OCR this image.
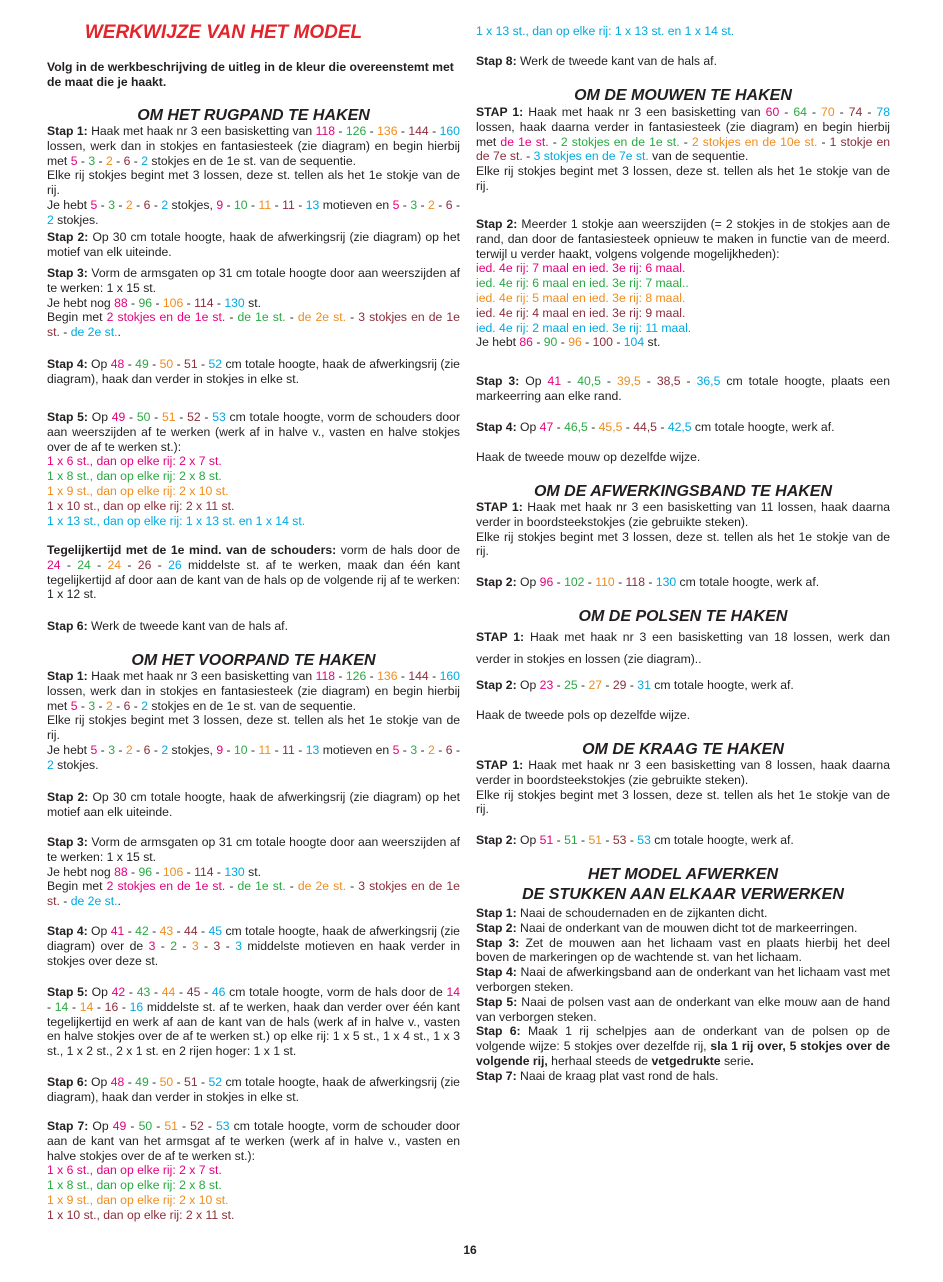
WERKWIJZE VAN HET MODEL

Volg in de werkbeschrijving de uitleg in de kleur die overeenstemt met de maat die je haakt.

OM HET RUGPAND TE HAKEN

Stap 1: Haak met haak nr 3 een basisketting van 118 - 126 - 136 - 144 - 160 lossen, werk dan in stokjes en fantasiesteek (zie diagram) en begin hierbij met 5 - 3 - 2 - 6 - 2 stokjes en de 1e st. van de sequentie.

Elke rij stokjes begint met 3 lossen, deze st. tellen als het 1e stokje van de rij.

Je hebt 5 - 3 - 2 - 6 - 2 stokjes, 9 - 10 - 11 - 11 - 13 motieven en 5 - 3 - 2 - 6 - 2 stokjes.

Stap 2: Op 30 cm totale hoogte, haak de afwerkingsrij (zie diagram) op het motief van elk uiteinde.

Stap 3: Vorm de armsgaten op 31 cm totale hoogte door aan weerszijden af te werken: 1 x 15 st.

Je hebt nog 88 - 96 - 106 - 114 - 130 st.

Begin met 2 stokjes en de 1e st. - de 1e st. - de 2e st. - 3 stokjes en de 1e st. - de 2e st..

Stap 4: Op 48 - 49 - 50 - 51 - 52 cm totale hoogte, haak de afwerkingsrij (zie diagram), haak dan verder in stokjes in elke st.

Stap 5: Op 49 - 50 - 51 - 52 - 53 cm totale hoogte, vorm de schouders door aan weerszijden af te werken (werk af in halve v., vasten en halve stokjes over de af te werken st.):

1 x 6 st., dan op elke rij: 2 x 7 st.

1 x 8 st., dan op elke rij: 2 x 8 st.

1 x 9 st., dan op elke rij: 2 x 10 st.

1 x 10 st., dan op elke rij: 2 x 11 st.

1 x 13 st., dan op elke rij: 1 x 13 st. en 1 x 14 st.

Tegelijkertijd met de 1e mind. van de schouders: vorm de hals door de 24 - 24 - 24 - 26 - 26 middelste st. af te werken, maak dan één kant tegelijkertijd af door aan de kant van de hals op de volgende rij af te werken: 1 x 12 st.

Stap 6: Werk de tweede kant van de hals af.

OM HET VOORPAND TE HAKEN

Stap 1: Haak met haak nr 3 een basisketting van 118 - 126 - 136 - 144 - 160 lossen, werk dan in stokjes en fantasiesteek (zie diagram) en begin hierbij met 5 - 3 - 2 - 6 - 2 stokjes en de 1e st. van de sequentie.

Elke rij stokjes begint met 3 lossen, deze st. tellen als het 1e stokje van de rij.

Je hebt 5 - 3 - 2 - 6 - 2 stokjes, 9 - 10 - 11 - 11 - 13 motieven en 5 - 3 - 2 - 6 - 2 stokjes.

Stap 2: Op 30 cm totale hoogte, haak de afwerkingsrij (zie diagram) op het motief aan elk uiteinde.

Stap 3: Vorm de armsgaten op 31 cm totale hoogte door aan weerszijden af te werken: 1 x 15 st.

Je hebt nog 88 - 96 - 106 - 114 - 130 st.

Begin met 2 stokjes en de 1e st. - de 1e st. - de 2e st. - 3 stokjes en de 1e st. - de 2e st..

Stap 4: Op 41 - 42 - 43 - 44 - 45 cm totale hoogte, haak de afwerkingsrij (zie diagram) over de 3 - 2 - 3 - 3 - 3 middelste motieven en haak verder in stokjes over deze st.

Stap 5: Op 42 - 43 - 44 - 45 - 46 cm totale hoogte, vorm de hals door de 14 - 14 - 14 - 16 - 16 middelste st. af te werken, haak dan verder over één kant tegelijkertijd en werk af aan de kant van de hals (werk af in halve v., vasten en halve stokjes over de af te werken st.) op elke rij: 1 x 5 st., 1 x 4 st., 1 x 3 st., 1 x 2 st., 2 x 1 st. en 2 rijen hoger: 1 x 1 st.

Stap 6: Op 48 - 49 - 50 - 51 - 52 cm totale hoogte, haak de afwerkingsrij (zie diagram), haak dan verder in stokjes in elke st.

Stap 7: Op 49 - 50 - 51 - 52 - 53 cm totale hoogte, vorm de schouder door aan de kant van het armsgat af te werken (werk af in halve v., vasten en halve stokjes over de af te werken st.):

1 x 6 st., dan op elke rij: 2 x 7 st.

1 x 8 st., dan op elke rij: 2 x 8 st.

1 x 9 st., dan op elke rij: 2 x 10 st.

1 x 10 st., dan op elke rij: 2 x 11 st.

1 x 13 st., dan op elke rij: 1 x 13 st. en 1 x 14 st.

Stap 8: Werk de tweede kant van de hals af.

OM DE MOUWEN TE HAKEN

STAP 1: Haak met haak nr 3 een basisketting van 60 - 64 - 70 - 74 - 78 lossen, haak daarna verder in fantasiesteek (zie diagram) en begin hierbij met de 1e st. - 2 stokjes en de 1e st. - 2 stokjes en de 10e st. - 1 stokje en de 7e st. - 3 stokjes en de 7e st. van de sequentie.

Elke rij stokjes begint met 3 lossen, deze st. tellen als het 1e stokje van de rij.

Stap 2: Meerder 1 stokje aan weerszijden (= 2 stokjes in de stokjes aan de rand, dan door de fantasiesteek opnieuw te maken in functie van de meerd. terwijl u verder haakt, volgens volgende mogelijkheden):

ied. 4e rij: 7 maal en ied. 3e rij: 6 maal.

ied. 4e rij: 6 maal en ied. 3e rij: 7 maal..

ied. 4e rij: 5 maal en ied. 3e rij: 8 maal.

ied. 4e rij: 4 maal en ied. 3e rij: 9 maal.

ied. 4e rij: 2 maal en ied. 3e rij: 11 maal.

Je hebt 86 - 90 - 96 - 100 - 104 st.

Stap 3: Op 41 - 40,5 - 39,5 - 38,5 - 36,5 cm totale hoogte, plaats een markeerring aan elke rand.

Stap 4: Op 47 - 46,5 - 45,5 - 44,5 - 42,5 cm totale hoogte, werk af.

Haak de tweede mouw op dezelfde wijze.

OM DE AFWERKINGSBAND TE HAKEN

STAP 1: Haak met haak nr 3 een basisketting van 11 lossen, haak daarna verder in boordsteekstokjes (zie gebruikte steken).

Elke rij stokjes begint met 3 lossen, deze st. tellen als het 1e stokje van de rij.

Stap 2: Op 96 - 102 - 110 - 118 - 130 cm totale hoogte, werk af.

OM DE POLSEN TE HAKEN

STAP 1: Haak met haak nr 3 een basisketting van 18 lossen, werk dan verder in stokjes en lossen (zie diagram)..

Stap 2: Op 23 - 25 - 27 - 29 - 31 cm totale hoogte, werk af.

Haak de tweede pols op dezelfde wijze.

OM DE KRAAG TE HAKEN

STAP 1: Haak met haak nr 3 een basisketting van 8 lossen, haak daarna verder in boordsteekstokjes (zie gebruikte steken).

Elke rij stokjes begint met 3 lossen, deze st. tellen als het 1e stokje van de rij.

Stap 2: Op 51 - 51 - 51 - 53 - 53 cm totale hoogte, werk af.

HET MODEL AFWERKEN
DE STUKKEN AAN ELKAAR VERWERKEN

Stap 1: Naai de schoudernaden en de zijkanten dicht.

Stap 2: Naai de onderkant van de mouwen dicht tot de markeerringen.

Stap 3: Zet de mouwen aan het lichaam vast en plaats hierbij het deel boven de markeringen op de wachtende st. van het lichaam.

Stap 4: Naai de afwerkingsband aan de onderkant van het lichaam vast met verborgen steken.

Stap 5: Naai de polsen vast aan de onderkant van elke mouw aan de hand van verborgen steken.

Stap 6: Maak 1 rij schelpjes aan de onderkant van de polsen op de volgende wijze: 5 stokjes over dezelfde rij, sla 1 rij over, 5 stokjes over de volgende rij, herhaal steeds de vetgedrukte serie.

Stap 7: Naai de kraag plat vast rond de hals.

16
